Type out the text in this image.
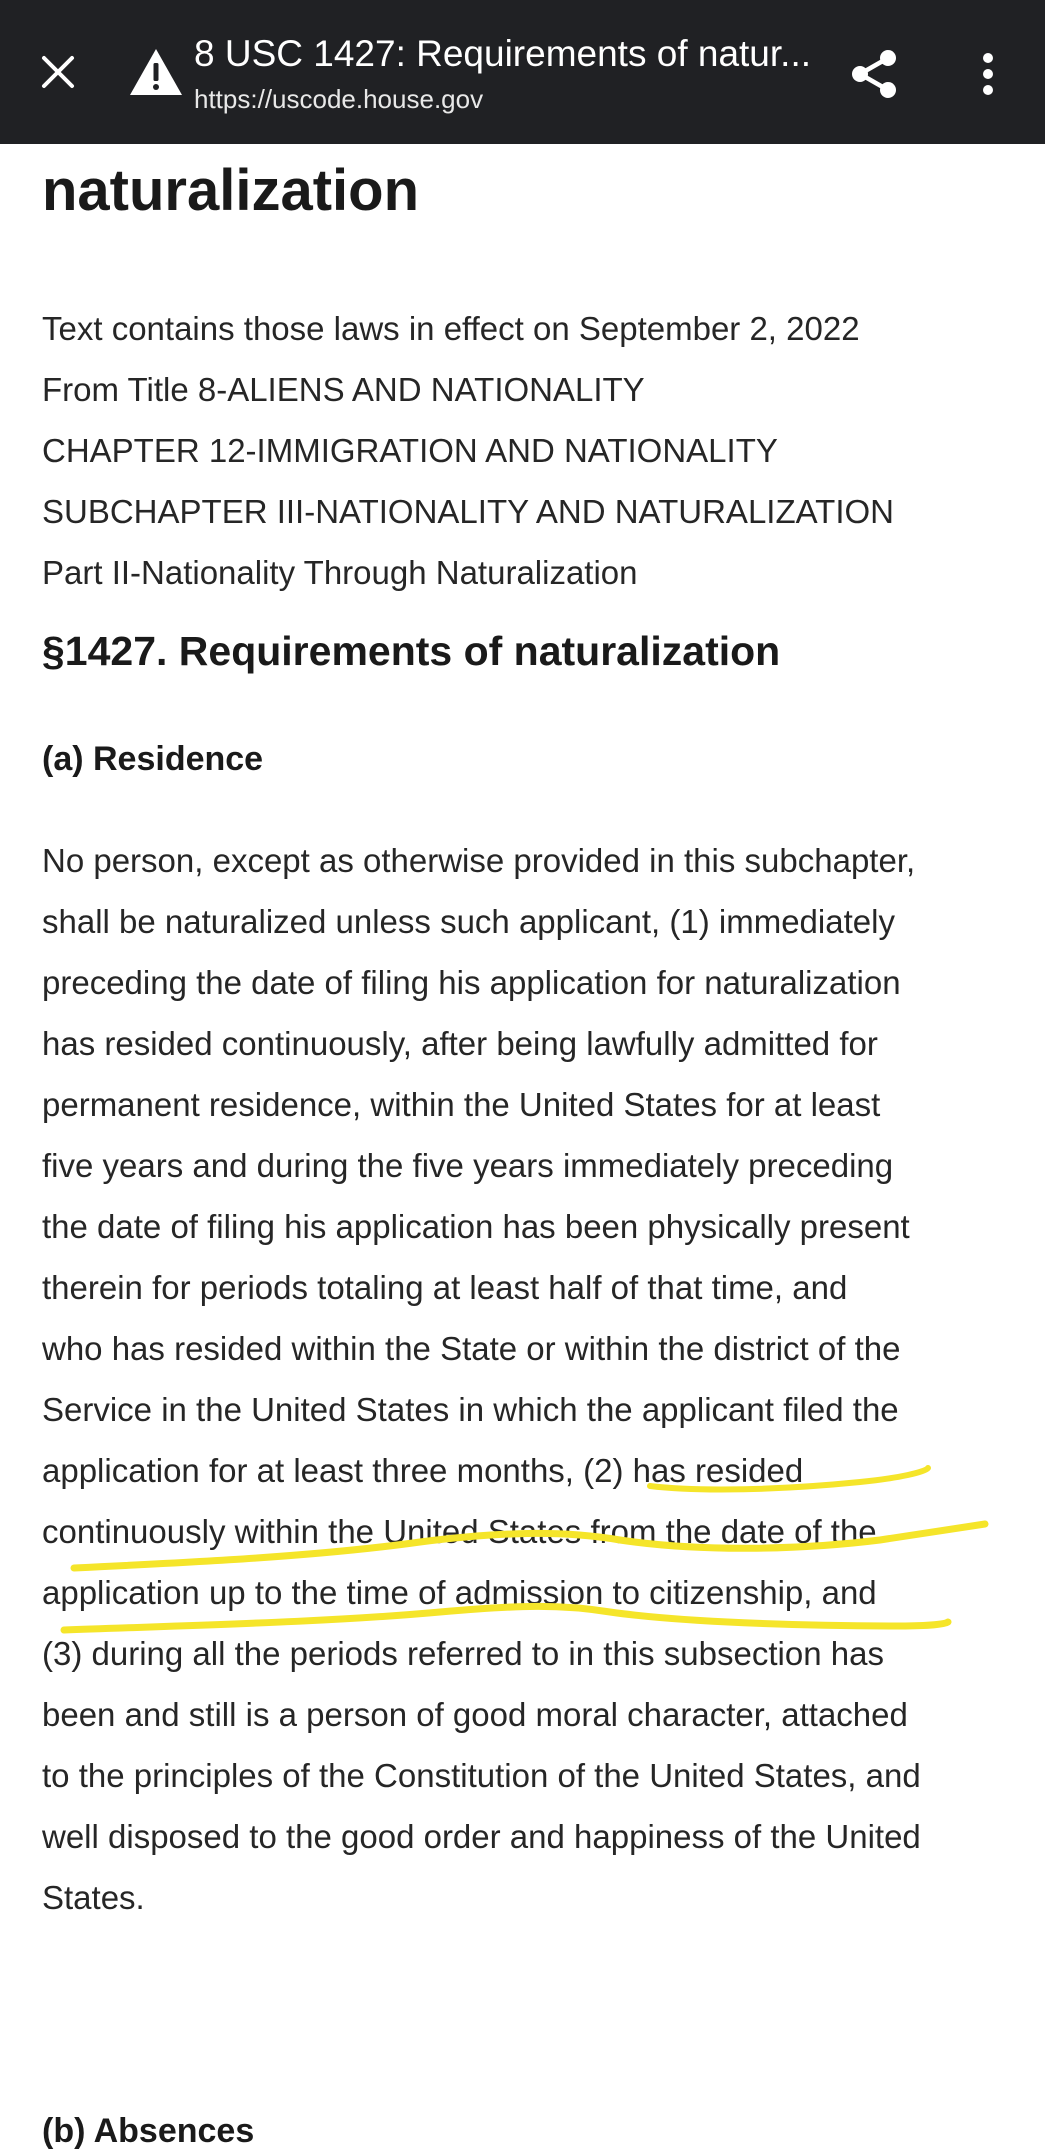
8 USC 1427: Requirements of natur...
https://uscode.house.gov
naturalization
Text contains those laws in effect on September 2, 2022
From Title 8-ALIENS AND NATIONALITY
CHAPTER 12-IMMIGRATION AND NATIONALITY
SUBCHAPTER III-NATIONALITY AND NATURALIZATION
Part II-Nationality Through Naturalization
§1427. Requirements of naturalization
(a) Residence
No person, except as otherwise provided in this subchapter,
shall be naturalized unless such applicant, (1) immediately
preceding the date of filing his application for naturalization
has resided continuously, after being lawfully admitted for
permanent residence, within the United States for at least
five years and during the five years immediately preceding
the date of filing his application has been physically present
therein for periods totaling at least half of that time, and
who has resided within the State or within the district of the
Service in the United States in which the applicant filed the
application for at least three months, (2) has resided
continuously within the United States from the date of the
application up to the time of admission to citizenship, and
(3) during all the periods referred to in this subsection has
been and still is a person of good moral character, attached
to the principles of the Constitution of the United States, and
well disposed to the good order and happiness of the United
States.
(b) Absences
